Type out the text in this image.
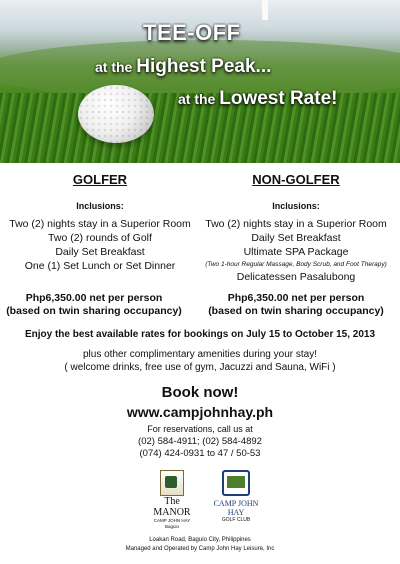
TEE-OFF
at the Highest Peak...
at the Lowest Rate!
GOLFER
Inclusions:
Two (2) nights stay in a Superior Room
Two (2) rounds of Golf
Daily Set Breakfast
One (1) Set Lunch or Set Dinner
NON-GOLFER
Inclusions:
Two (2) nights stay in a Superior Room
Daily Set Breakfast
Ultimate SPA Package
(Two 1-hour Regular Massage, Body Scrub, and Foot Therapy)
Delicatessen Pasalubong
Php6,350.00 net per person
(based on twin sharing occupancy)
Php6,350.00 net per person
(based on twin sharing occupancy)
Enjoy the best available rates for bookings on July 15 to October 15, 2013
plus other complimentary amenities during your stay!
( welcome drinks, free use of gym, Jacuzzi and Sauna, WiFi )
Book now!
www.campjohnhay.ph
For reservations, call us at
(02) 584-4911; (02) 584-4892
(074) 424-0931 to 47 / 50-53
The
MANOR
CAMP JOHN HAY
Baguio
CAMP JOHN HAY
GOLF CLUB
Loakan Road, Baguio City, Philippines
Managed and Operated by Camp John Hay Leisure, Inc
